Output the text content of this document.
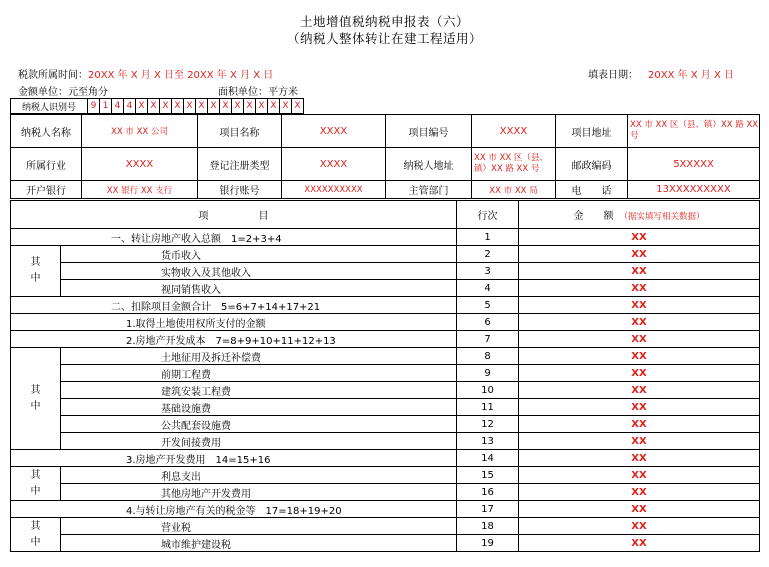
土地增值税纳税申报表（六）
（纳税人整体转让在建工程适用）
税款所属时间：20XX 年 X 月 X 日至 20XX 年 X 月 X 日	填表日期： 20XX 年 X 月 X 日
金额单位：元至角分	面积单位：平方米
纳税人识别号	9	1	4	4	X	X	X	X	X	X	X	X	X	X	X	X	X	X
纳税人名称	XX 市 XX 公司	项目名称	XXXX	项目编号	XXXX	项目地址	XX 市 XX 区（县、镇）XX 路 XX 号
所属行业	XXXX	登记注册类型	XXXX	纳税人地址	XX 市 XX 区（县、镇）XX 路 XX 号	邮政编码	5XXXXX
开户银行	XX 银行 XX 支行	银行账号	XXXXXXXXXX	主管部门	XX 市 XX 局	电　　话	13XXXXXXXXX
项　　　　　目		行次	金　　额 （据实填写相关数据）
一、转让房地产收入总额　1=2+3+4		1	XX
其
中	货币收入	2	XX
	实物收入及其他收入	3	XX
	视同销售收入	4	XX
二、扣除项目金额合计　5=6+7+14+17+21		5	XX
1.取得土地使用权所支付的金额		6	XX
2.房地产开发成本　7=8+9+10+11+12+13		7	XX
其
中	土地征用及拆迁补偿费	8	XX
	前期工程费	9	XX
	建筑安装工程费	10	XX
	基础设施费	11	XX
	公共配套设施费	12	XX
	开发间接费用	13	XX
3.房地产开发费用　14=15+16		14	XX
其
中	利息支出	15	XX
	其他房地产开发费用	16	XX
4.与转让房地产有关的税金等　17=18+19+20		17	XX
其
中	营业税	18	XX
	城市维护建设税	19	XX
